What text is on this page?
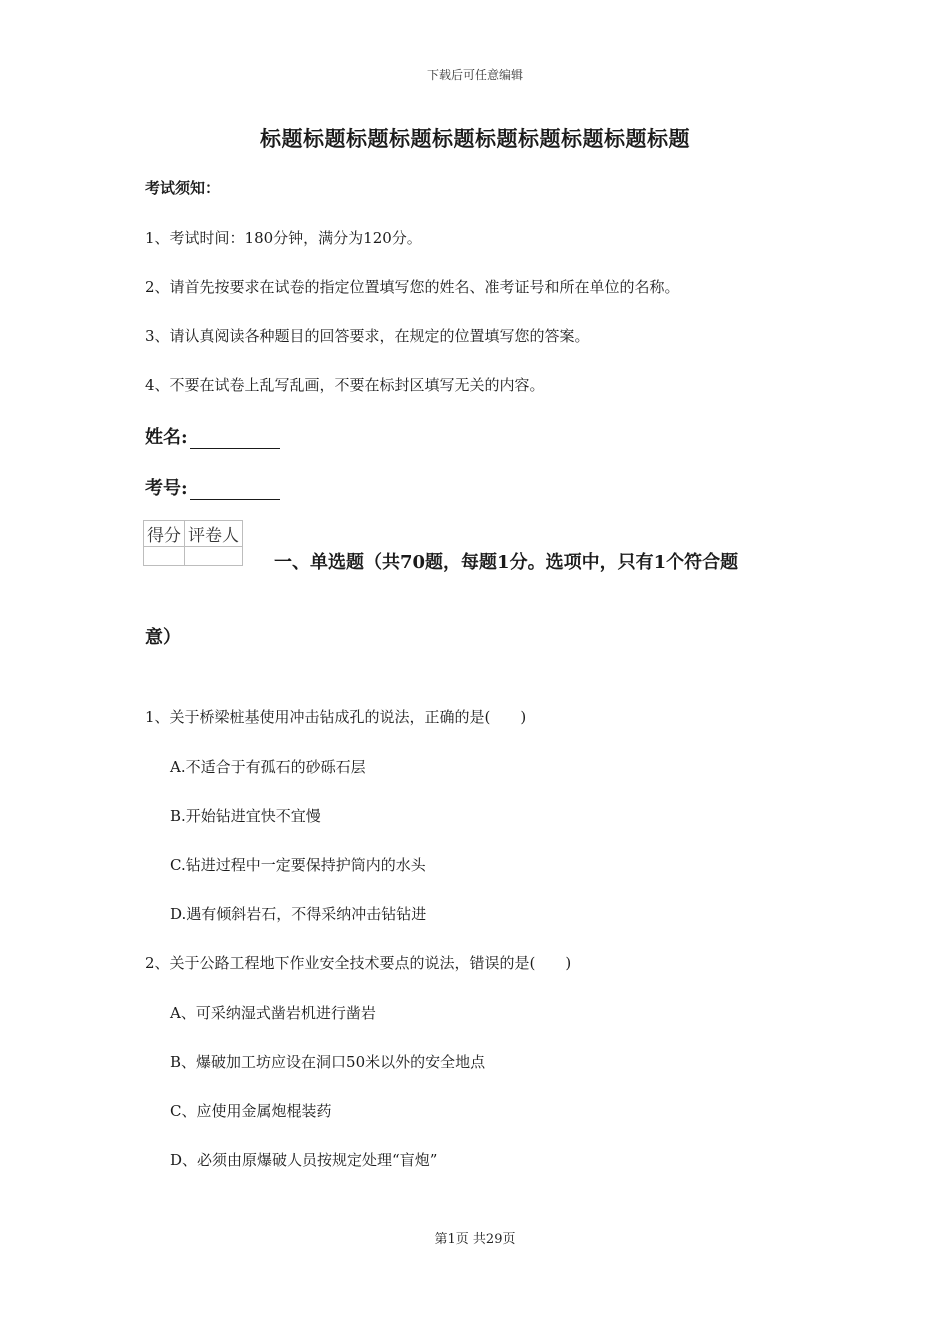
下载后可任意编辑
标题标题标题标题标题标题标题标题标题标题
考试须知：
1、考试时间：180分钟，满分为120分。
2、请首先按要求在试卷的指定位置填写您的姓名、准考证号和所在单位的名称。
3、请认真阅读各种题目的回答要求，在规定的位置填写您的答案。
4、不要在试卷上乱写乱画，不要在标封区填写无关的内容。
姓名:
考号:
得分	评卷人

一、单选题（共70题，每题1分。选项中，只有1个符合题
意）
1、关于桥梁桩基使用冲击钻成孔的说法，正确的是(　　)
A.不适合于有孤石的砂砾石层
B.开始钻进宜快不宜慢
C.钻进过程中一定要保持护筒内的水头
D.遇有倾斜岩石，不得采纳冲击钻钻进
2、关于公路工程地下作业安全技术要点的说法，错误的是(　　)
A、可采纳湿式凿岩机进行凿岩
B、爆破加工坊应设在洞口50米以外的安全地点
C、应使用金属炮棍装药
D、必须由原爆破人员按规定处理“盲炮”
第1页 共29页
